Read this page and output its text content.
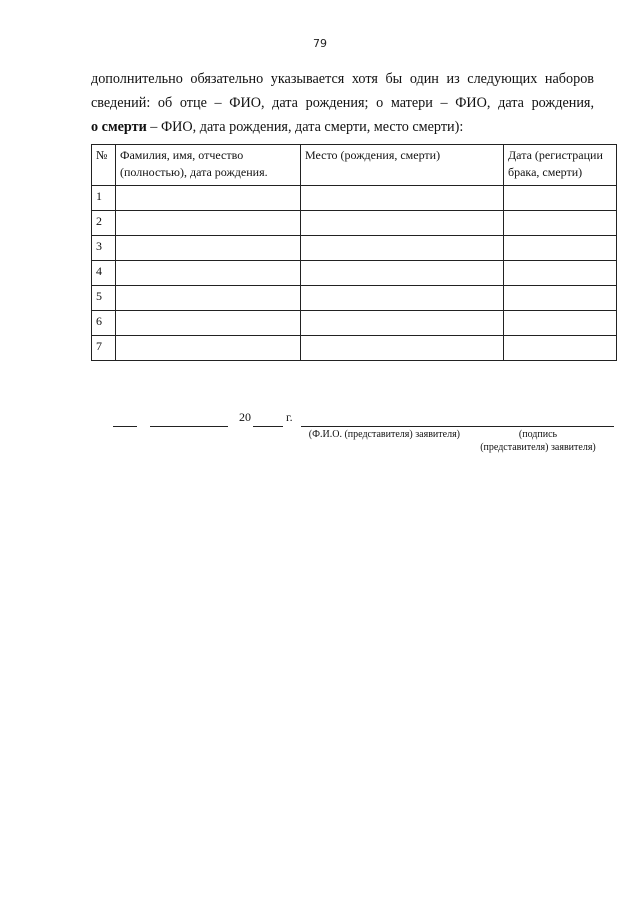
79
дополнительно обязательно указывается хотя бы один из следующих наборов
сведений: об отце – ФИО, дата рождения; о матери – ФИО, дата рождения,
о смерти – ФИО, дата рождения, дата смерти, место смерти):
№	Фамилия, имя, отчество (полностью), дата рождения.	Место (рождения, смерти)	Дата (регистрации брака, смерти)
1			
2			
3			
4			
5			
6			
7			
20	г.
(Ф.И.О. (представителя) заявителя)	(подпись
(представителя) заявителя)
